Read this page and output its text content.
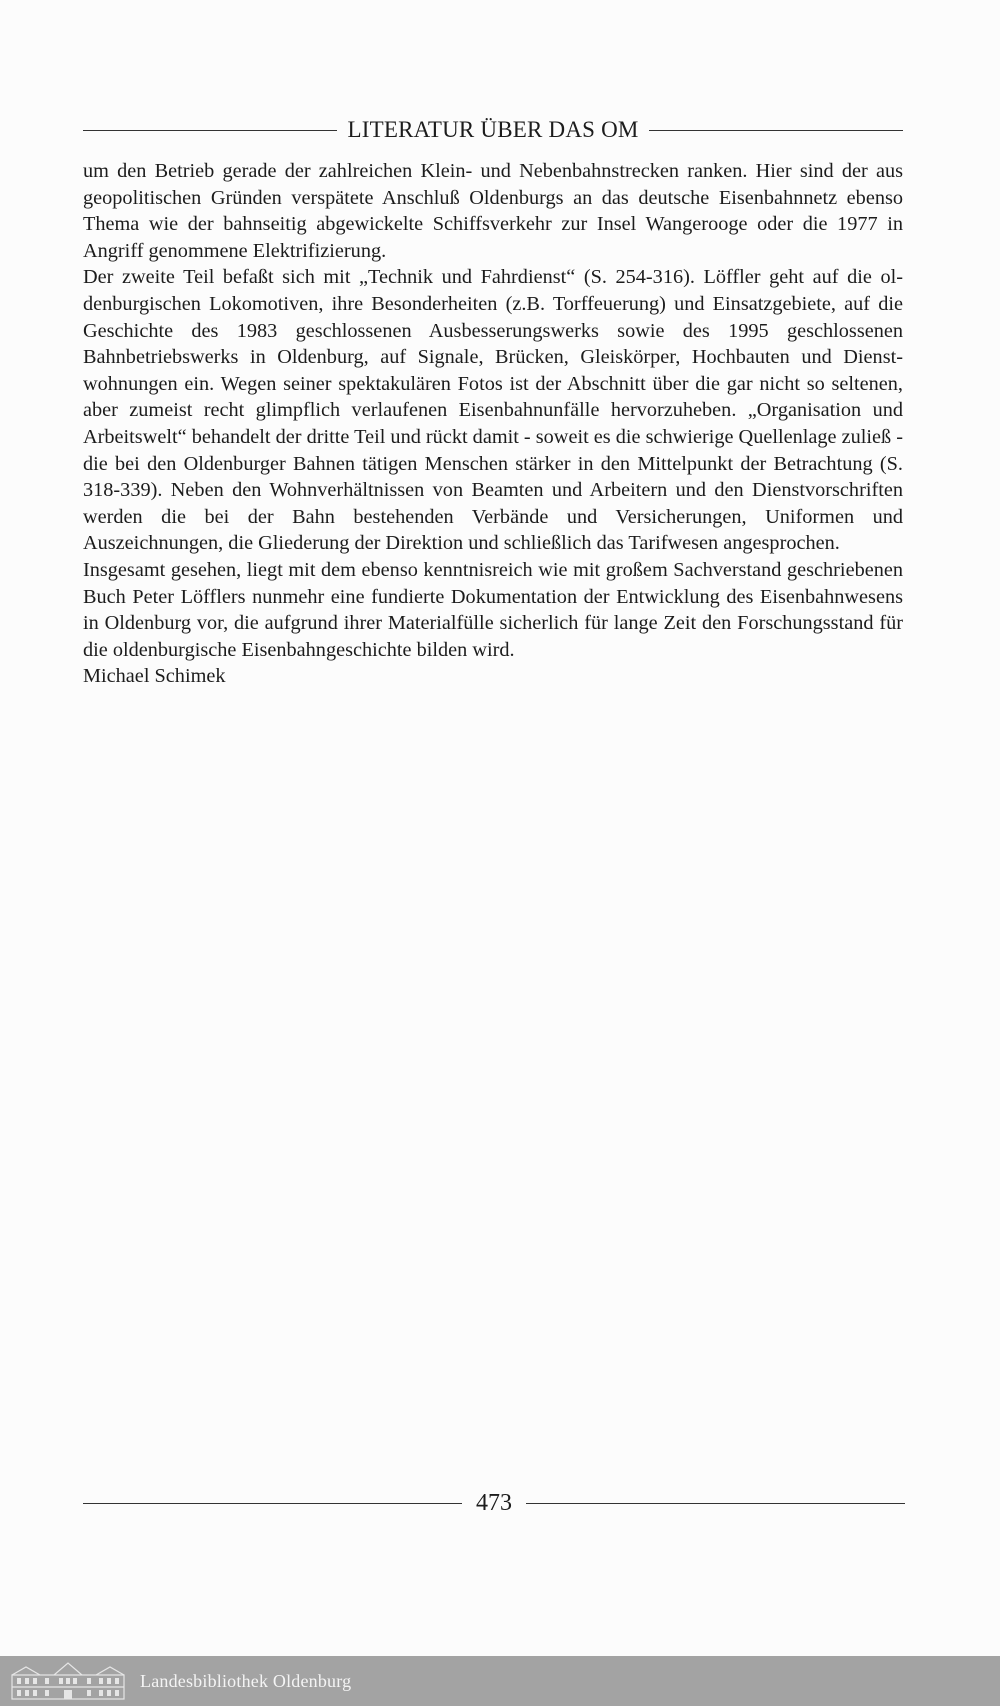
LITERATUR ÜBER DAS OM

um den Betrieb gerade der zahlreichen Klein- und Nebenbahnstrecken ranken. Hier sind der aus geopolitischen Gründen verspätete Anschluß Oldenburgs an das deutsche Eisenbahnnetz ebenso Thema wie der bahnseitig abgewickelte Schiffsverkehr zur Insel Wangerooge oder die 1977 in Angriff genommene Elektrifizierung.

Der zweite Teil befaßt sich mit „Technik und Fahrdienst“ (S. 254-316). Löffler geht auf die oldenburgischen Lokomotiven, ihre Besonderheiten (z.B. Torffeuerung) und Einsatzgebiete, auf die Geschichte des 1983 geschlossenen Ausbesserungswerks sowie des 1995 geschlossenen Bahnbetriebswerks in Oldenburg, auf Signale, Brücken, Gleiskörper, Hochbauten und Dienstwohnungen ein. Wegen seiner spektakulären Fotos ist der Abschnitt über die gar nicht so seltenen, aber zumeist recht glimpflich verlaufenen Eisenbahnunfälle hervorzuheben. „Organisation und Arbeitswelt“ behandelt der dritte Teil und rückt damit - soweit es die schwierige Quellenlage zuließ - die bei den Oldenburger Bahnen tätigen Menschen stärker in den Mittelpunkt der Betrachtung (S. 318-339). Neben den Wohnverhältnissen von Beamten und Arbeitern und den Dienstvorschriften werden die bei der Bahn bestehenden Verbände und Versicherungen, Uniformen und Auszeichnungen, die Gliederung der Direktion und schließlich das Tarifwesen angesprochen.

Insgesamt gesehen, liegt mit dem ebenso kenntnisreich wie mit großem Sachverstand geschriebenen Buch Peter Löfflers nunmehr eine fundierte Dokumentation der Entwicklung des Eisenbahnwesens in Oldenburg vor, die aufgrund ihrer Materialfülle sicherlich für lange Zeit den Forschungsstand für die oldenburgische Eisenbahngeschichte bilden wird.

Michael Schimek

473
Landesbibliothek Oldenburg
